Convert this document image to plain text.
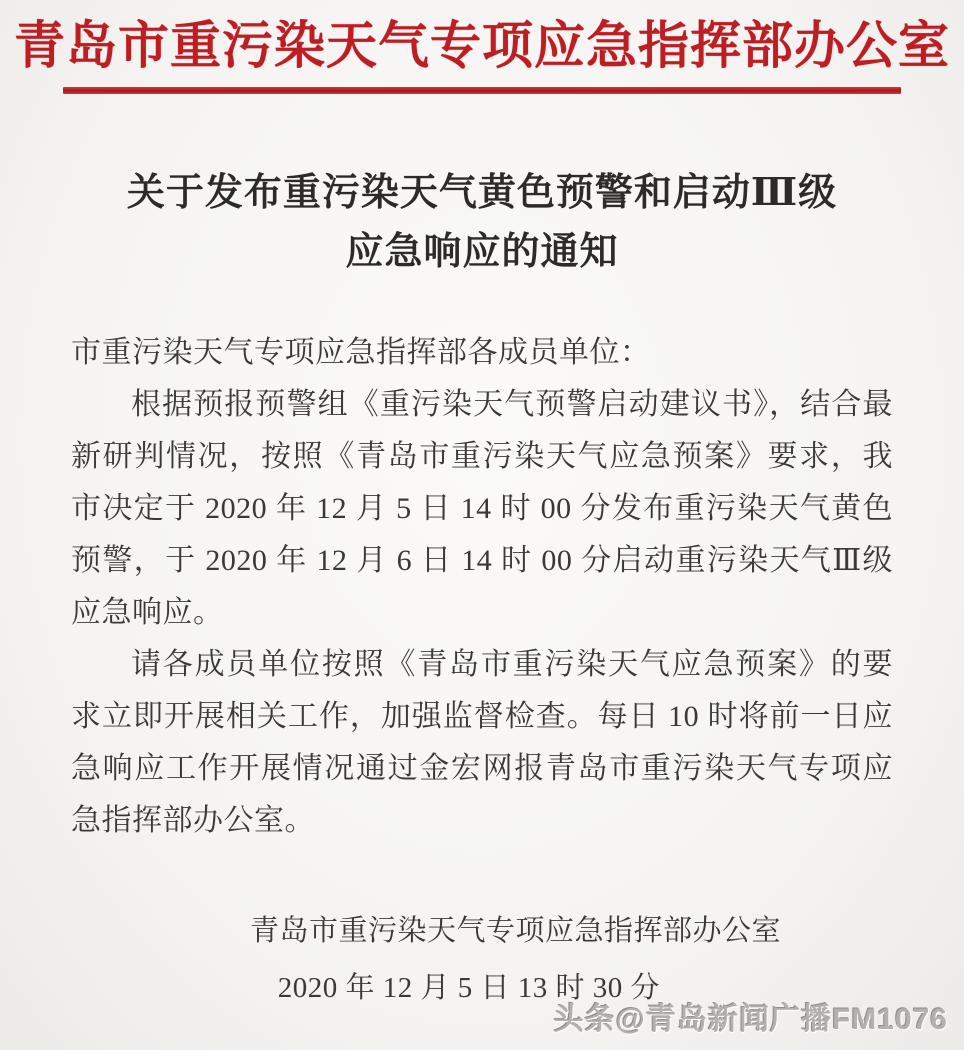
青岛市重污染天气专项应急指挥部办公室
关于发布重污染天气黄色预警和启动Ⅲ级
应急响应的通知

市重污染天气专项应急指挥部各成员单位：

根据预报预警组《重污染天气预警启动建议书》，结合最新研判情况，按照《青岛市重污染天气应急预案》要求，我市决定于 2020 年 12 月 5 日 14 时 00 分发布重污染天气黄色预警，于 2020 年 12 月 6 日 14 时 00 分启动重污染天气Ⅲ级应急响应。

请各成员单位按照《青岛市重污染天气应急预案》的要求立即开展相关工作，加强监督检查。每日 10 时将前一日应急响应工作开展情况通过金宏网报青岛市重污染天气专项应急指挥部办公室。

青岛市重污染天气专项应急指挥部办公室
2020 年 12 月 5 日 13 时 30 分
头条@青岛新闻广播FM1076
